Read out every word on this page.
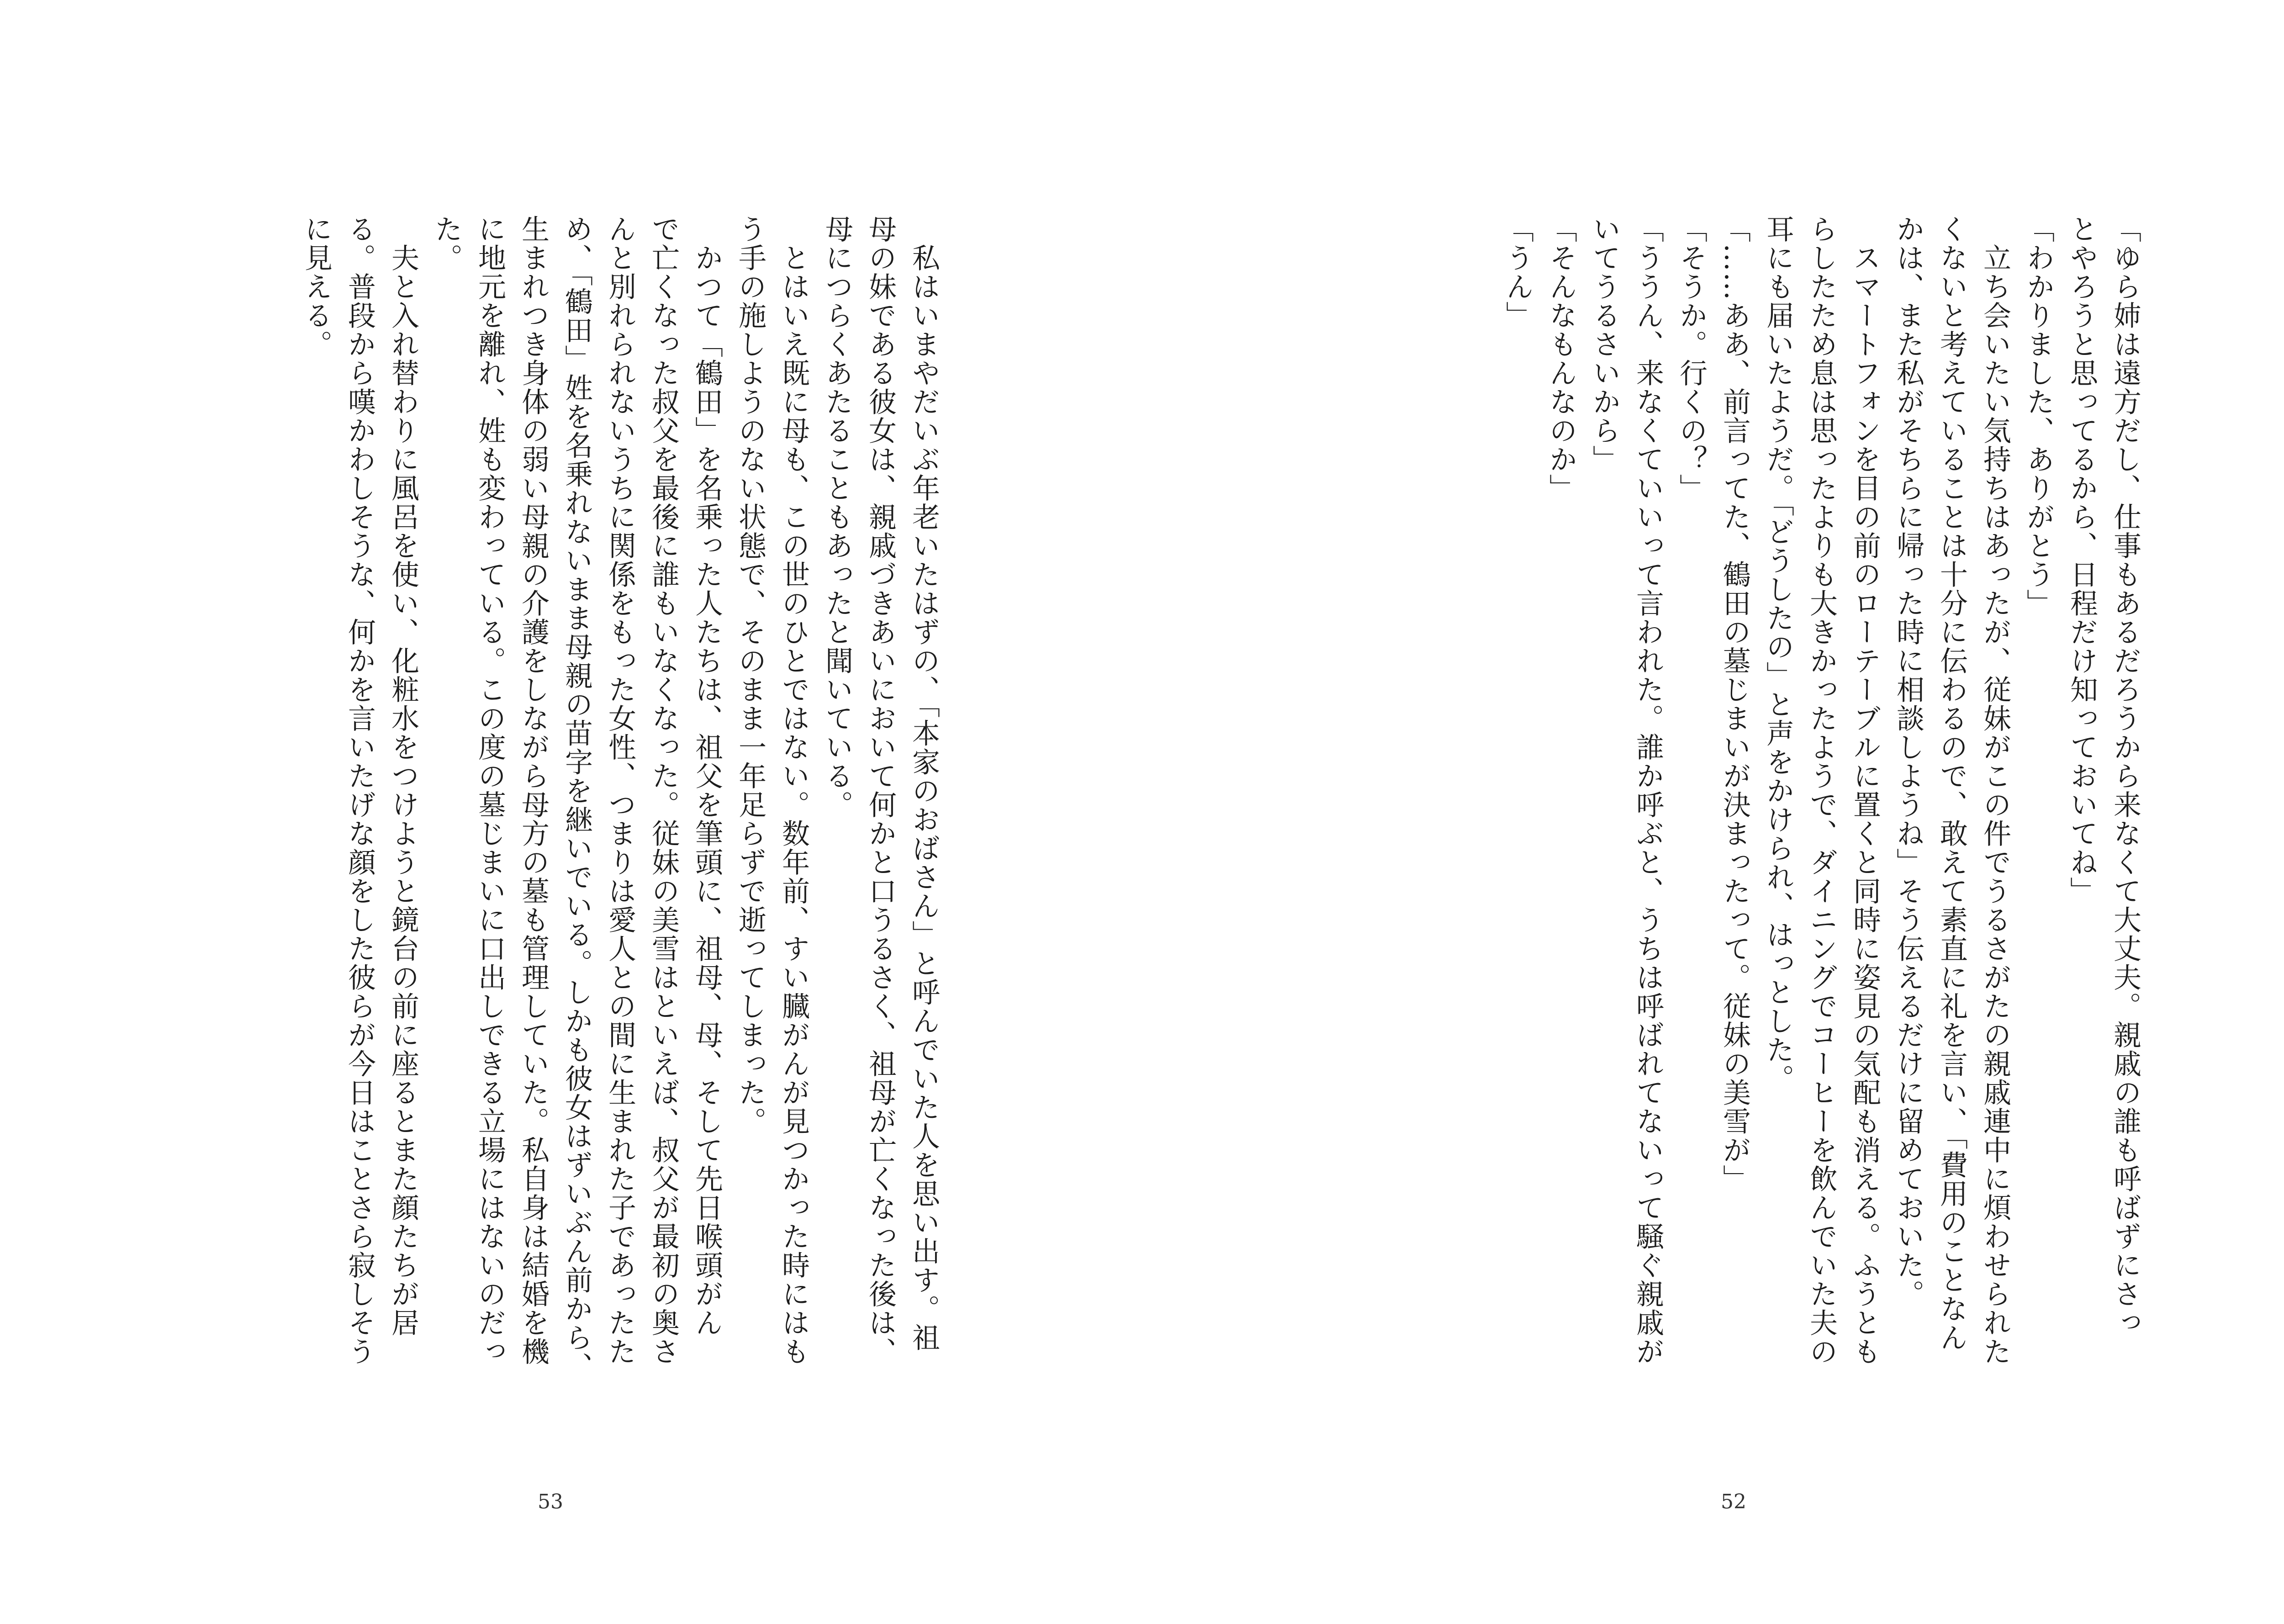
「ゆら姉は遠方だし、仕事もあるだろうから来なくて大丈夫。親戚の誰も呼ばずにさっ
とやろうと思ってるから、日程だけ知っておいてね」
「わかりました、ありがとう」
　立ち会いたい気持ちはあったが、従妹がこの件でうるさがたの親戚連中に煩わせられた
くないと考えていることは十分に伝わるので、敢えて素直に礼を言い、「費用のことなん
かは、また私がそちらに帰った時に相談しようね」そう伝えるだけに留めておいた。
　スマートフォンを目の前のローテーブルに置くと同時に姿見の気配も消える。ふうとも
らしたため息は思ったよりも大きかったようで、ダイニングでコーヒーを飲んでいた夫の
耳にも届いたようだ。「どうしたの」と声をかけられ、はっとした。
「……ああ、前言ってた、鶴田の墓じまいが決まったって。従妹の美雪が」
「そうか。行くの？」
「ううん、来なくていいって言われた。誰か呼ぶと、うちは呼ばれてないって騒ぐ親戚が
いてうるさいから」
「そんなもんなのか」
「うん」
　私はいまやだいぶ年老いたはずの、「本家のおばさん」と呼んでいた人を思い出す。祖
母の妹である彼女は、親戚づきあいにおいて何かと口うるさく、祖母が亡くなった後は、
母につらくあたることもあったと聞いている。
　とはいえ既に母も、この世のひとではない。数年前、すい臓がんが見つかった時にはも
う手の施しようのない状態で、そのまま一年足らずで逝ってしまった。
　かつて「鶴田」を名乗った人たちは、祖父を筆頭に、祖母、母、そして先日喉頭がん
で亡くなった叔父を最後に誰もいなくなった。従妹の美雪はといえば、叔父が最初の奥さ
んと別れられないうちに関係をもった女性、つまりは愛人との間に生まれた子であったた
め、「鶴田」姓を名乗れないまま母親の苗字を継いでいる。しかも彼女はずいぶん前から、
生まれつき身体の弱い母親の介護をしながら母方の墓も管理していた。私自身は結婚を機
に地元を離れ、姓も変わっている。この度の墓じまいに口出しできる立場にはないのだっ
た。
　夫と入れ替わりに風呂を使い、化粧水をつけようと鏡台の前に座るとまた顔たちが居
る。普段から嘆かわしそうな、何かを言いたげな顔をした彼らが今日はことさら寂しそう
に見える。
52
53
